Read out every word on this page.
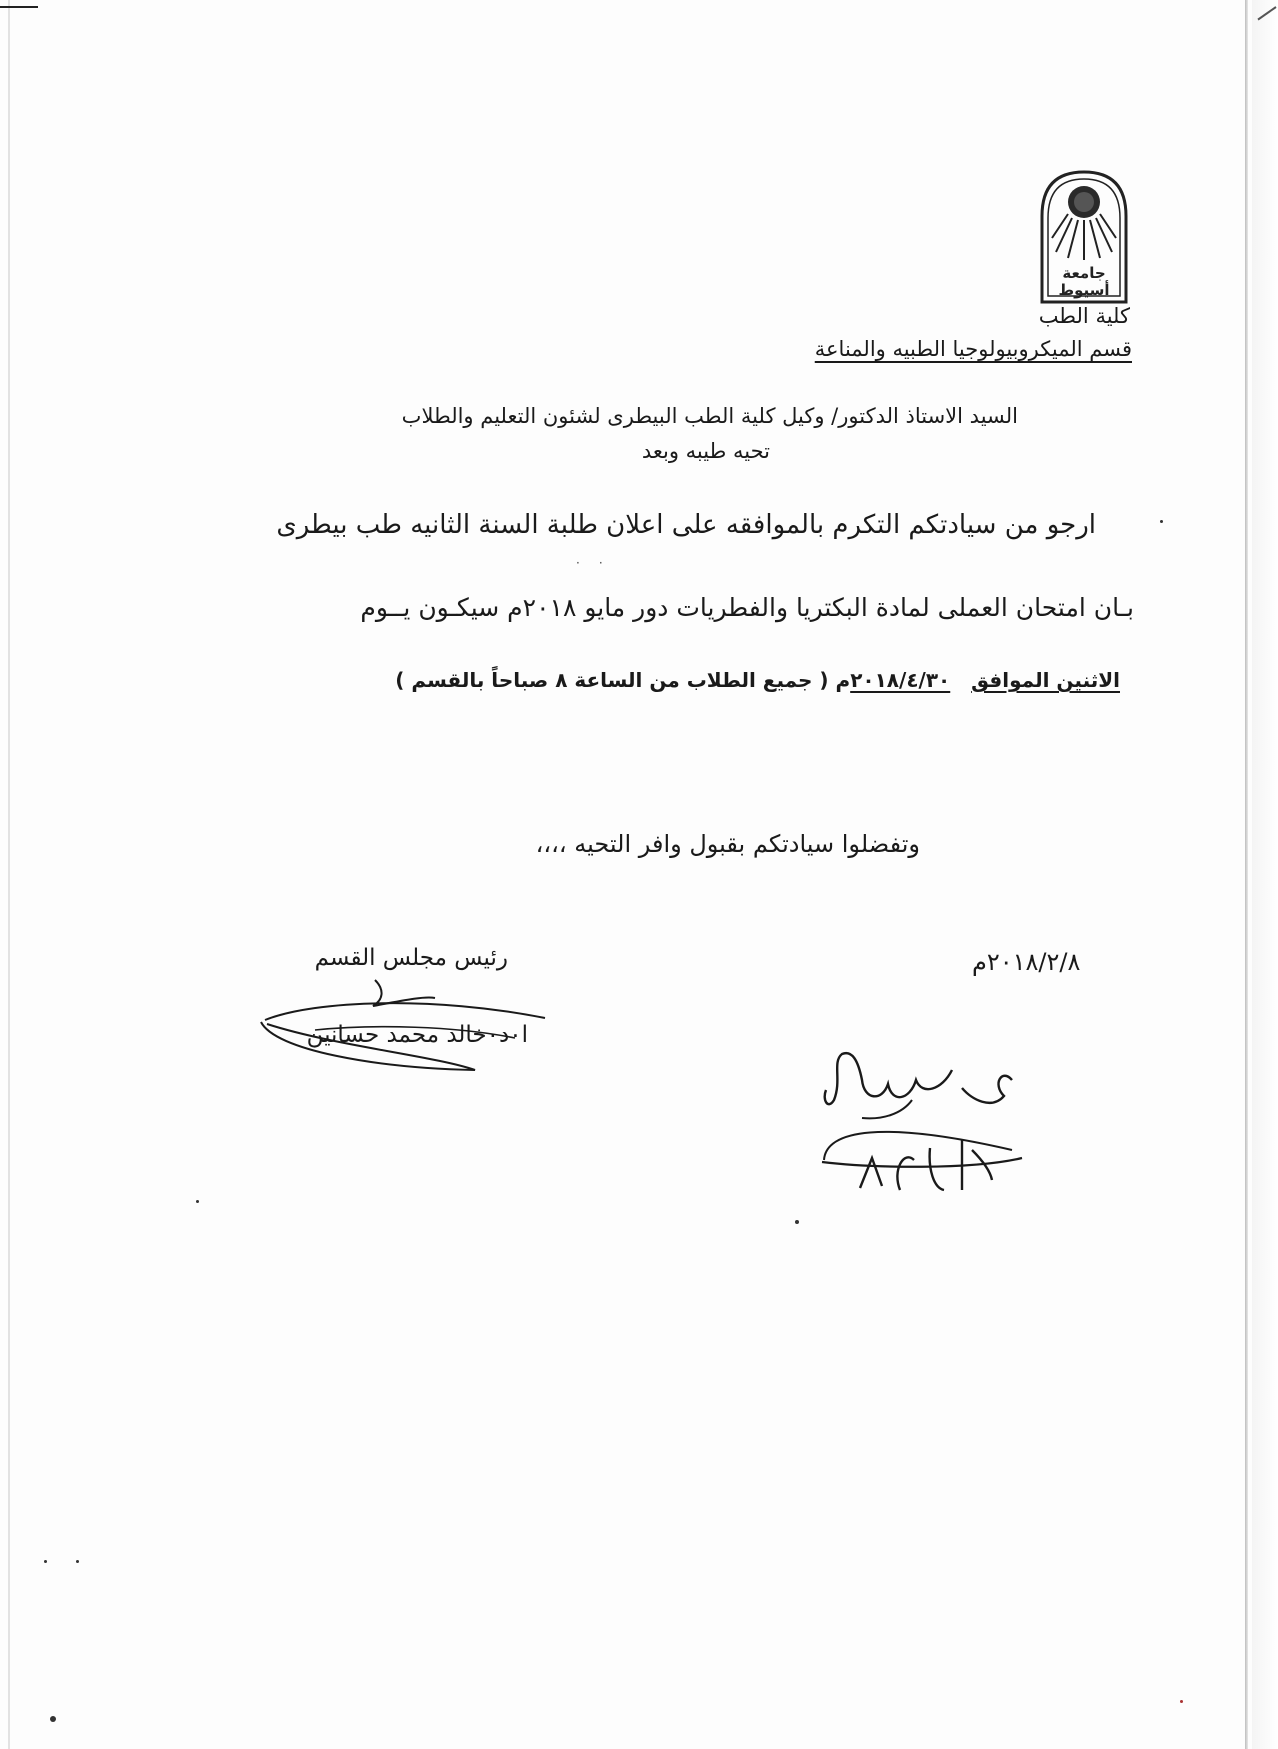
جامعة
أسيوط
كلية الطب
قسم الميكروبيولوجيا الطبيه والمناعة
السيد الاستاذ الدكتور/ وكيل كلية الطب البيطرى لشئون التعليم والطلاب
تحيه طيبه وبعد
ارجو من سيادتكم التكرم بالموافقه على اعلان طلبة السنة الثانيه طب بيطرى
·     ·
بـان امتحان العملى لمادة البكتريا والفطريات دور مايو ٢٠١٨م سيكـون يــوم
الاثنين الموافق   ٢٠١٨/٤/٣٠م ( جميع الطلاب من الساعة ٨ صباحاً بالقسم )
وتفضلوا سيادتكم بقبول وافر التحيه ،،،،
رئيس مجلس القسم	٢٠١٨/٢/٨م
ا٠د٠خالد محمد حسانين
